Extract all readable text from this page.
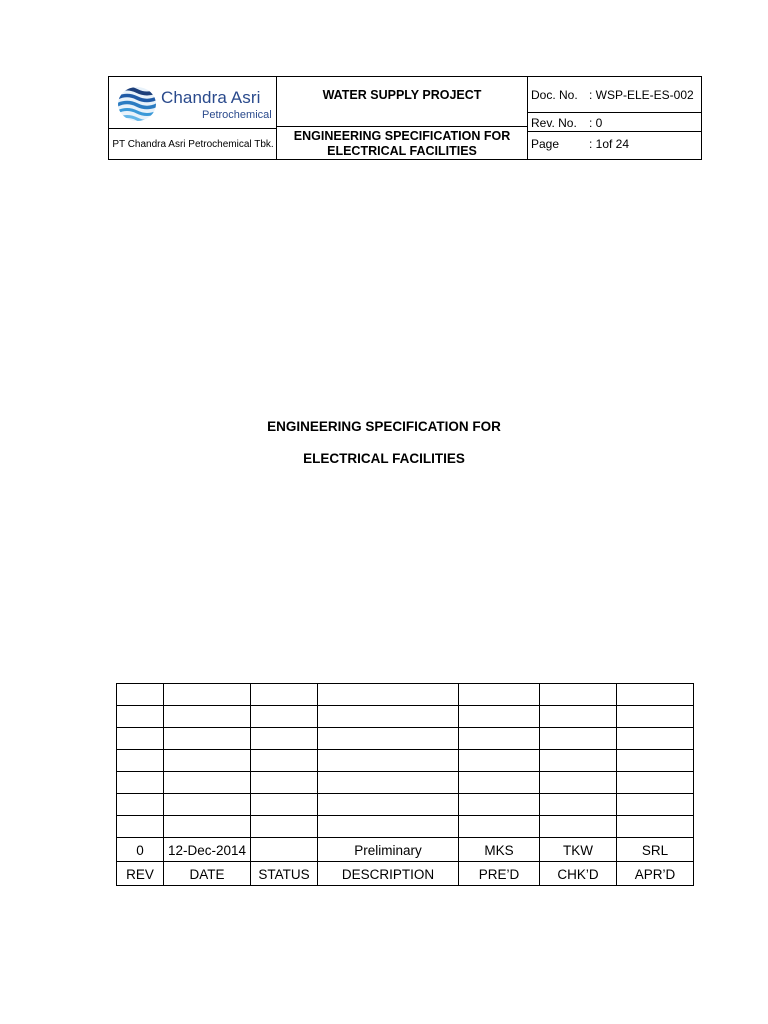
Chandra Asri
Petrochemical
PT Chandra Asri Petrochemical Tbk.
WATER SUPPLY PROJECT
ENGINEERING SPECIFICATION FOR
ELECTRICAL FACILITIES
Doc. No. : WSP-ELE-ES-002
Rev. No.	: 0
Page	: 1of 24
ENGINEERING SPECIFICATION FOR
ELECTRICAL FACILITIES

0	12-Dec-2014		Preliminary	MKS	TKW	SRL
REV	DATE	STATUS	DESCRIPTION	PRE’D	CHK’D	APR’D
